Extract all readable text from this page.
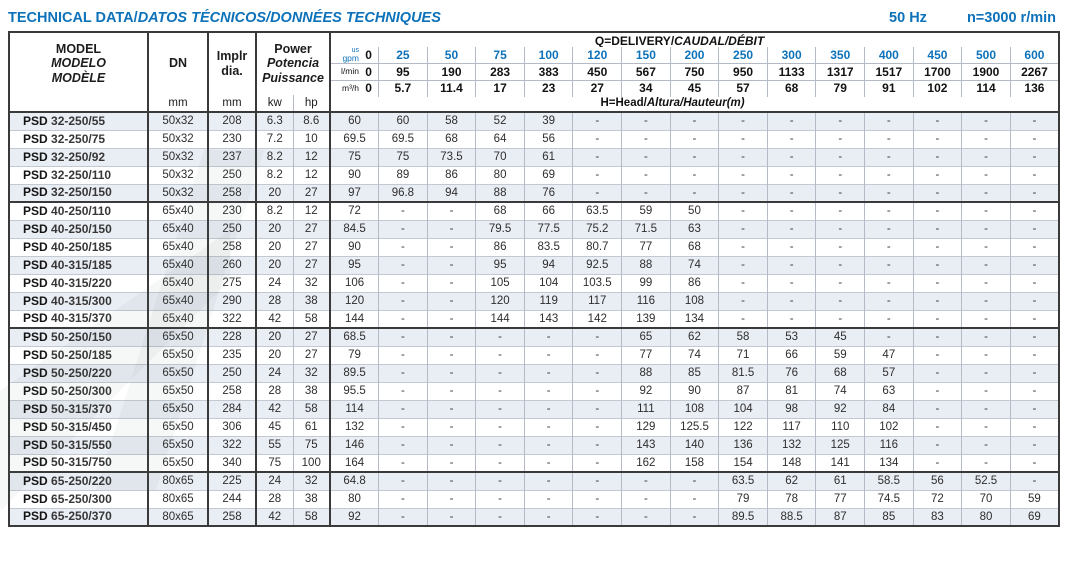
TECHNICAL DATA/DATOS TÉCNICOS/DONNÉES TECHNIQUES	50 Hz	n=3000 r/min
MODEL
MODELO
MODÈLE

DN
mm

Implr
dia.
mm

Power
Potencia
Puissance
kw	hp
	Q=DELIVERY/CAUDAL/DÉBIT

					us
gpm 0	25	50	75	100	120	150	200	250	300	350	400	450	500	600

					l/min 0	95	190	283	383	450	567	750	950	1133	1317	1517	1700	1900	2267

					m³/h 0	5.7	11.4	17	23	27	34	45	57	68	79	91	102	114	136
					H=Head/Altura/Hauteur(m)														
PSD 32-250/55	50x32	208	6.3	8.6	60	60	58	52	39	-	-	-	-	-	-	-	-	-	-
PSD 32-250/75	50x32	230	7.2	10	69.5	69.5	68	64	56	-	-	-	-	-	-	-	-	-	-
PSD 32-250/92	50x32	237	8.2	12	75	75	73.5	70	61	-	-	-	-	-	-	-	-	-	-
PSD 32-250/110	50x32	250	8.2	12	90	89	86	80	69	-	-	-	-	-	-	-	-	-	-
PSD 32-250/150	50x32	258	20	27	97	96.8	94	88	76	-	-	-	-	-	-	-	-	-	-
PSD 40-250/110	65x40	230	8.2	12	72	-	-	68	66	63.5	59	50	-	-	-	-	-	-	-
PSD 40-250/150	65x40	250	20	27	84.5	-	-	79.5	77.5	75.2	71.5	63	-	-	-	-	-	-	-
PSD 40-250/185	65x40	258	20	27	90	-	-	86	83.5	80.7	77	68	-	-	-	-	-	-	-
PSD 40-315/185	65x40	260	20	27	95	-	-	95	94	92.5	88	74	-	-	-	-	-	-	-
PSD 40-315/220	65x40	275	24	32	106	-	-	105	104	103.5	99	86	-	-	-	-	-	-	-
PSD 40-315/300	65x40	290	28	38	120	-	-	120	119	117	116	108	-	-	-	-	-	-	-
PSD 40-315/370	65x40	322	42	58	144	-	-	144	143	142	139	134	-	-	-	-	-	-	-
PSD 50-250/150	65x50	228	20	27	68.5	-	-	-	-	-	65	62	58	53	45	-	-	-	-
PSD 50-250/185	65x50	235	20	27	79	-	-	-	-	-	77	74	71	66	59	47	-	-	-
PSD 50-250/220	65x50	250	24	32	89.5	-	-	-	-	-	88	85	81.5	76	68	57	-	-	-
PSD 50-250/300	65x50	258	28	38	95.5	-	-	-	-	-	92	90	87	81	74	63	-	-	-
PSD 50-315/370	65x50	284	42	58	114	-	-	-	-	-	111	108	104	98	92	84	-	-	-
PSD 50-315/450	65x50	306	45	61	132	-	-	-	-	-	129	125.5	122	117	110	102	-	-	-
PSD 50-315/550	65x50	322	55	75	146	-	-	-	-	-	143	140	136	132	125	116	-	-	-
PSD 50-315/750	65x50	340	75	100	164	-	-	-	-	-	162	158	154	148	141	134	-	-	-
PSD 65-250/220	80x65	225	24	32	64.8	-	-	-	-	-	-	-	63.5	62	61	58.5	56	52.5	-
PSD 65-250/300	80x65	244	28	38	80	-	-	-	-	-	-	-	79	78	77	74.5	72	70	59
PSD 65-250/370	80x65	258	42	58	92	-	-	-	-	-	-	-	89.5	88.5	87	85	83	80	69
